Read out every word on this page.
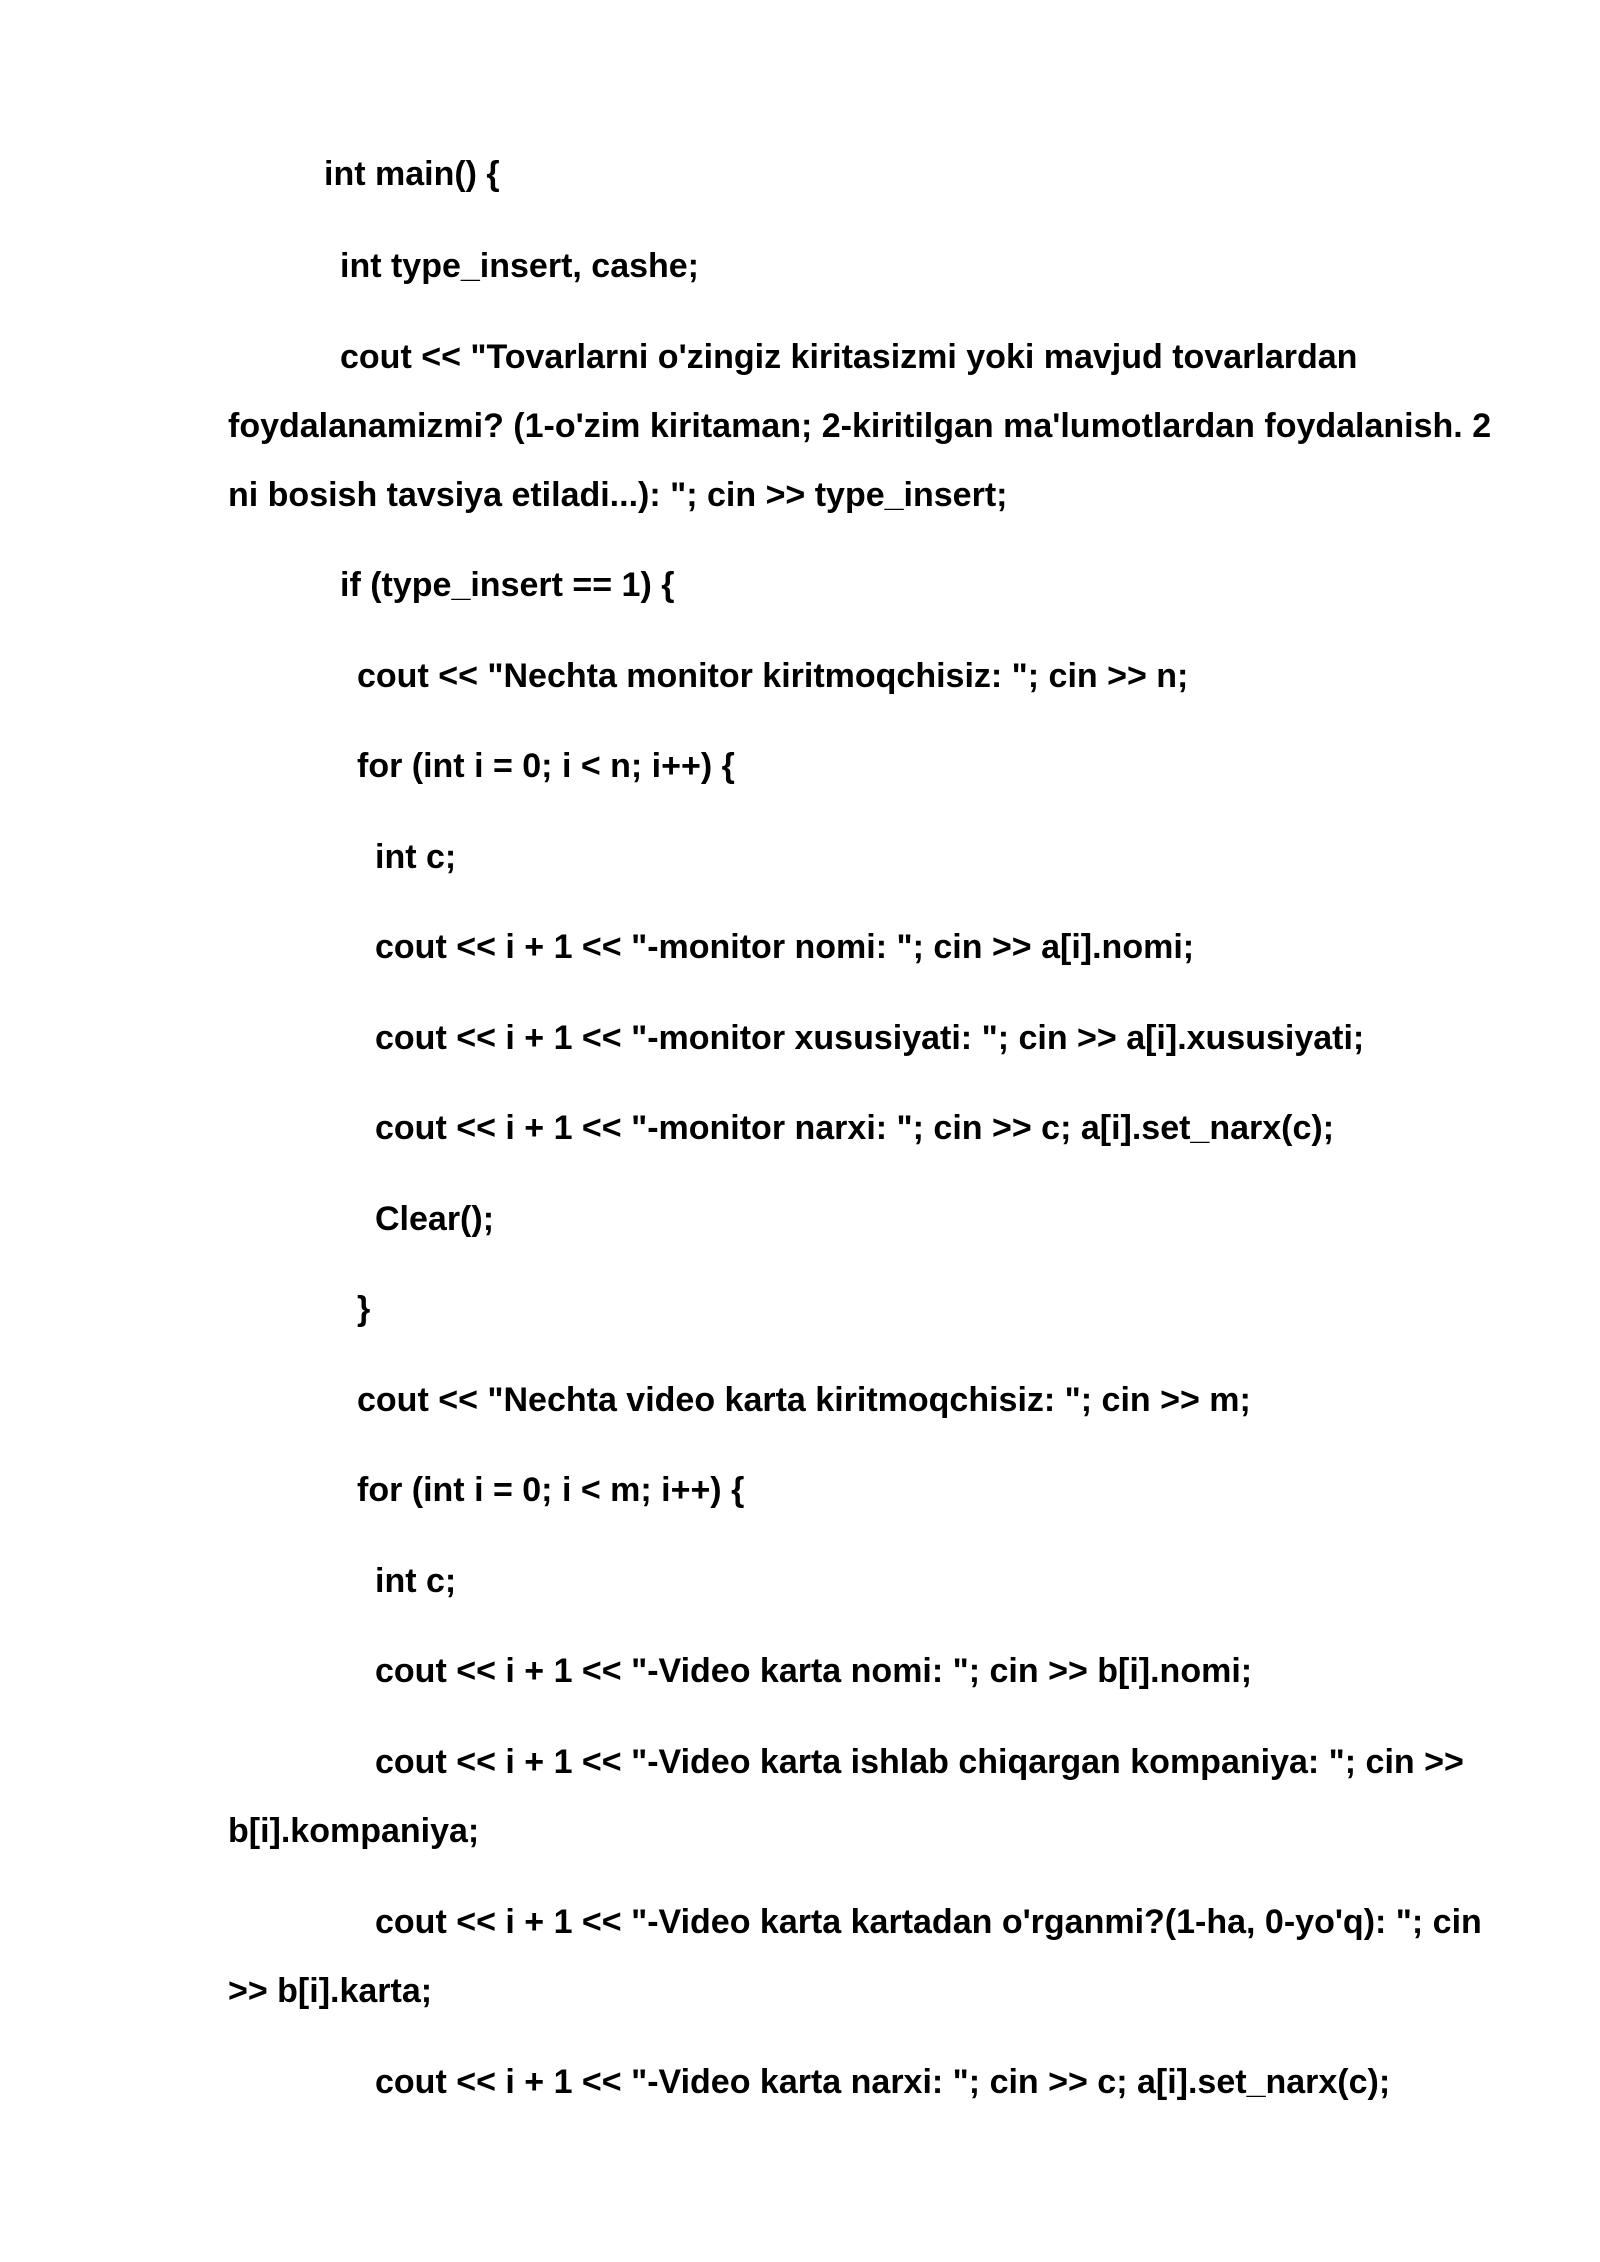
int main() {
int type_insert, cashe;
cout << "Tovarlarni o'zingiz kiritasizmi yoki mavjud tovarlardan
foydalanamizmi? (1-o'zim kiritaman; 2-kiritilgan ma'lumotlardan foydalanish. 2
ni bosish tavsiya etiladi...): "; cin >> type_insert;
if (type_insert == 1) {
cout << "Nechta monitor kiritmoqchisiz: "; cin >> n;
for (int i = 0; i < n; i++) {
int c;
cout << i + 1 << "-monitor nomi: "; cin >> a[i].nomi;
cout << i + 1 << "-monitor xususiyati: "; cin >> a[i].xususiyati;
cout << i + 1 << "-monitor narxi: "; cin >> c; a[i].set_narx(c);
Clear();
}
cout << "Nechta video karta kiritmoqchisiz: "; cin >> m;
for (int i = 0; i < m; i++) {
int c;
cout << i + 1 << "-Video karta nomi: "; cin >> b[i].nomi;
cout << i + 1 << "-Video karta ishlab chiqargan kompaniya: "; cin >>
b[i].kompaniya;
cout << i + 1 << "-Video karta kartadan o'rganmi?(1-ha, 0-yo'q): "; cin
>> b[i].karta;
cout << i + 1 << "-Video karta narxi: "; cin >> c; a[i].set_narx(c);
